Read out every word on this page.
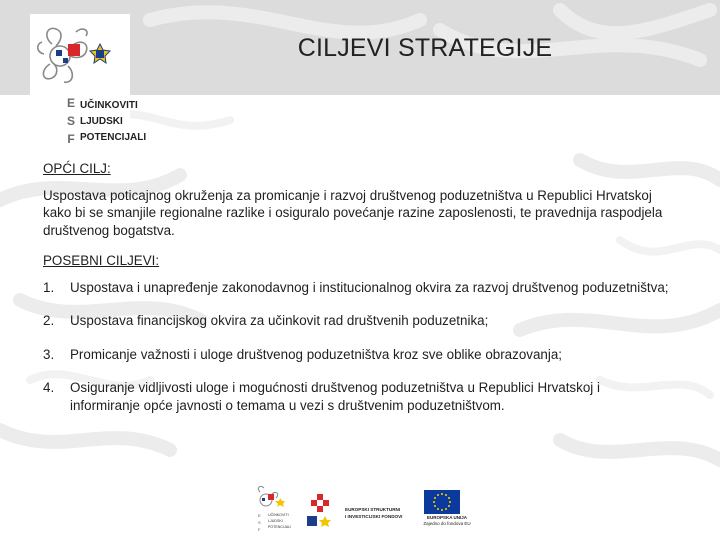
E
S
F
UČINKOVITI
LJUDSKI
POTENCIJALI
CILJEVI STRATEGIJE
OPĆI CILJ:
Uspostava poticajnog okruženja za promicanje i razvoj društvenog poduzetništva u Republici Hrvatskoj kako bi se smanjile regionalne razlike i osiguralo povećanje razine zaposlenosti, te pravednija raspodjela društvenog bogatstva.
POSEBNI CILJEVI:
1. Uspostava i unapređenje zakonodavnog i institucionalnog okvira za razvoj društvenog poduzetništva;
2. Uspostava financijskog okvira za učinkovit rad društvenih poduzetnika;
3. Promicanje važnosti i uloge društvenog poduzetništva kroz sve oblike obrazovanja;
4. Osiguranje vidljivosti uloge i mogućnosti društvenog poduzetništva u Republici Hrvatskoj i informiranje opće javnosti o temama u vezi s društvenim poduzetništvom.
E
S
F
UČINKOVITI
LJUDSKI
POTENCIJALI
EUROPSKI STRUKTURNI
I INVESTICIJSKI FONDOVI	EUROPSKA UNIJA
Zajedno do fondova EU
